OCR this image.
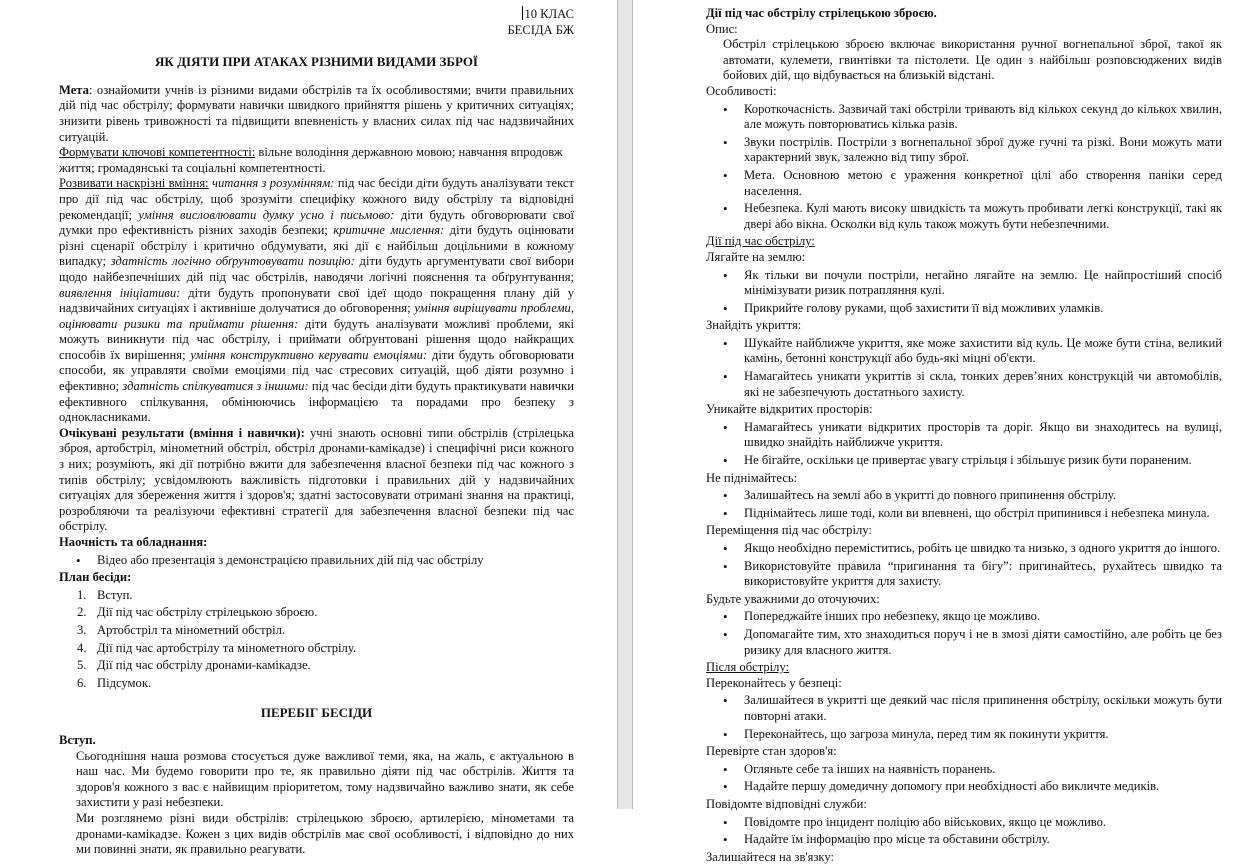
10 КЛАС

БЕСІДА БЖ

ЯК ДІЯТИ ПРИ АТАКАХ РІЗНИМИ ВИДАМИ ЗБРОЇ

Мета: ознайомити учнів із різними видами обстрілів та їх особливостями; вчити правильних дій під час обстрілу; формувати навички швидкого прийняття рішень у критичних ситуаціях; знизити рівень тривожності та підвищити впевненість у власних силах під час надзвичайних ситуацій.

Формувати ключові компетентності: вільне володіння державною мовою; навчання впродовж життя; громадянські та соціальні компетентності.

Розвивати наскрізні вміння: читання з розумінням: під час бесіди діти будуть аналізувати текст про дії під час обстрілу, щоб зрозуміти специфіку кожного виду обстрілу та відповідні рекомендації; уміння висловлювати думку усно і письмово: діти будуть обговорювати свої думки про ефективність різних заходів безпеки; критичне мислення: діти будуть оцінювати різні сценарії обстрілу і критично обдумувати, які дії є найбільш доцільними в кожному випадку; здатність логічно обґрунтовувати позицію: діти будуть аргументувати свої вибори щодо найбезпечніших дій під час обстрілів, наводячи логічні пояснення та обґрунтування; виявлення ініціативи: діти будуть пропонувати свої ідеї щодо покращення плану дій у надзвичайних ситуаціях і активніше долучатися до обговорення; уміння вирішувати проблеми, оцінювати ризики та приймати рішення: діти будуть аналізувати можливі проблеми, які можуть виникнути під час обстрілу, і приймати обґрунтовані рішення щодо найкращих способів їх вирішення; уміння конструктивно керувати емоціями: діти будуть обговорювати способи, як управляти своїми емоціями під час стресових ситуацій, щоб діяти розумно і ефективно; здатність спілкуватися з іншими: під час бесіди діти будуть практикувати навички ефективного спілкування, обмінюючись інформацією та порадами про безпеку з однокласниками.

Очікувані результати (вміння і навички): учні знають основні типи обстрілів (стрілецька зброя, артобстріл, мінометний обстріл, обстріл дронами-камікадзе) і специфічні риси кожного з них; розуміють, які дії потрібно вжити для забезпечення власної безпеки під час кожного з типів обстрілу; усвідомлюють важливість підготовки і правильних дій у надзвичайних ситуаціях для збереження життя і здоров'я; здатні застосовувати отримані знання на практиці, розробляючи та реалізуючи ефективні стратегії для забезпечення власної безпеки під час обстрілу.

Наочність та обладнання:

• Відео або презентація з демонстрацією правильних дій під час обстрілу

План бесіди:

1. Вступ.
2. Дії під час обстрілу стрілецькою зброєю.
3. Артобстріл та мінометний обстріл.
4. Дії під час артобстрілу та мінометного обстрілу.
5. Дії під час обстрілу дронами-камікадзе.
6. Підсумок.

ПЕРЕБІГ БЕСІДИ

Вступ.

Сьогоднішня наша розмова стосується дуже важливої теми, яка, на жаль, є актуальною в наш час. Ми будемо говорити про те, як правильно діяти під час обстрілів. Життя та здоров'я кожного з вас є найвищим пріоритетом, тому надзвичайно важливо знати, як себе захистити у разі небезпеки.

Ми розглянемо різні види обстрілів: стрілецькою зброєю, артилерією, мінометами та дронами-камікадзе. Кожен з цих видів обстрілів має свої особливості, і відповідно до них ми повинні знати, як правильно реагувати.

Дії під час обстрілу стрілецькою зброєю.

Опис:

Обстріл стрілецькою зброєю включає використання ручної вогнепальної зброї, такої як автомати, кулемети, гвинтівки та пістолети. Це один з найбільш розповсюджених видів бойових дій, що відбувається на близькій відстані.

Особливості:

• Короткочасність. Зазвичай такі обстріли тривають від кількох секунд до кількох хвилин, але можуть повторюватись кілька разів.
• Звуки пострілів. Постріли з вогнепальної зброї дуже гучні та різкі. Вони можуть мати характерний звук, залежно від типу зброї.
• Мета. Основною метою є ураження конкретної цілі або створення паніки серед населення.
• Небезпека. Кулі мають високу швидкість та можуть пробивати легкі конструкції, такі як двері або вікна. Осколки від куль також можуть бути небезпечними.

Дії під час обстрілу:

Лягайте на землю:

• Як тільки ви почули постріли, негайно лягайте на землю. Це найпростіший спосіб мінімізувати ризик потрапляння кулі.
• Прикрийте голову руками, щоб захистити її від можливих уламків.

Знайдіть укриття:

• Шукайте найближче укриття, яке може захистити від куль. Це може бути стіна, великий камінь, бетонні конструкції або будь-які міцні об'єкти.
• Намагайтесь уникати укриттів зі скла, тонких дерев’яних конструкцій чи автомобілів, які не забезпечують достатнього захисту.

Уникайте відкритих просторів:

• Намагайтесь уникати відкритих просторів та доріг. Якщо ви знаходитесь на вулиці, швидко знайдіть найближче укриття.
• Не бігайте, оскільки це привертає увагу стрільця і збільшує ризик бути пораненим.

Не піднімайтесь:

• Залишайтесь на землі або в укритті до повного припинення обстрілу.
• Піднімайтесь лише тоді, коли ви впевнені, що обстріл припинився і небезпека минула.

Переміщення під час обстрілу:

• Якщо необхідно переміститись, робіть це швидко та низько, з одного укриття до іншого.
• Використовуйте правила “пригинання та бігу”: пригинайтесь, рухайтесь швидко та використовуйте укриття для захисту.

Будьте уважними до оточуючих:

• Попереджайте інших про небезпеку, якщо це можливо.
• Допомагайте тим, хто знаходиться поруч і не в змозі діяти самостійно, але робіть це без ризику для власного життя.

Після обстрілу:

Переконайтесь у безпеці:

• Залишайтеся в укритті ще деякий час після припинення обстрілу, оскільки можуть бути повторні атаки.
• Переконайтесь, що загроза минула, перед тим як покинути укриття.

Перевірте стан здоров'я:

• Огляньте себе та інших на наявність поранень.
• Надайте першу домедичну допомогу при необхідності або викличте медиків.

Повідомте відповідні служби:

• Повідомте про інцидент поліцію або військових, якщо це можливо.
• Надайте їм інформацію про місце та обставини обстрілу.

Залишайтеся на зв'язку:
